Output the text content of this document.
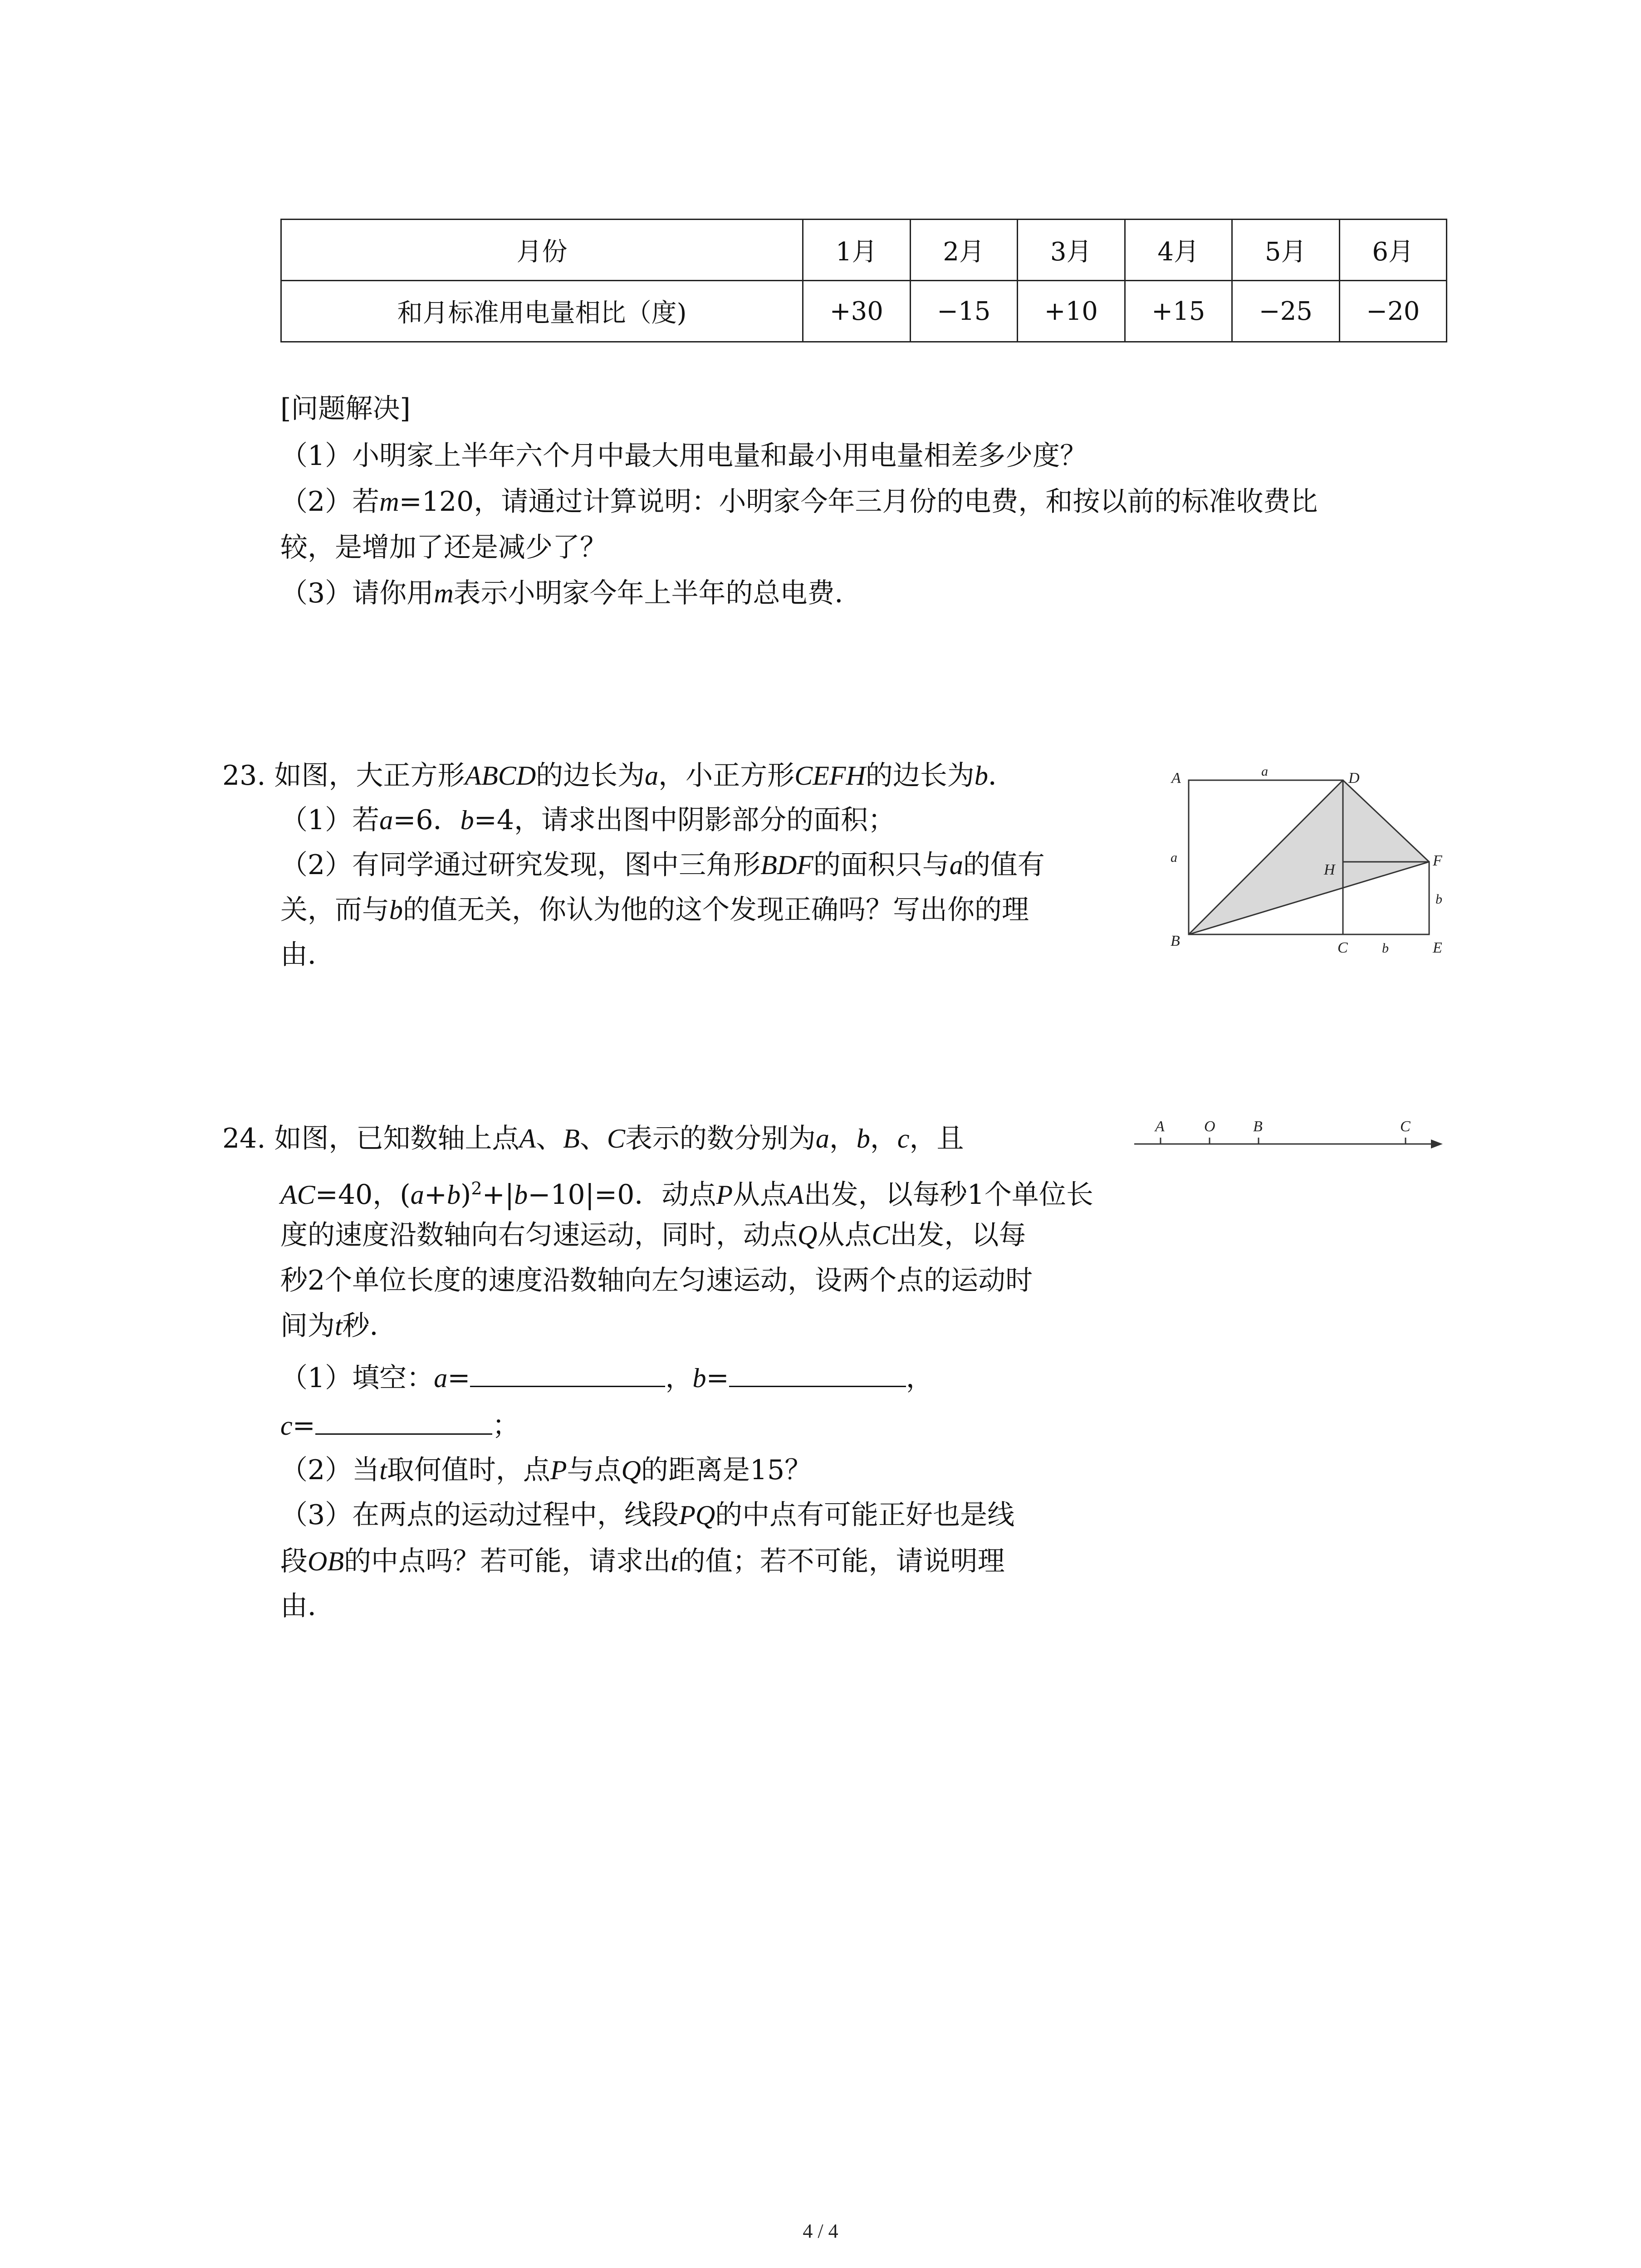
月份	1月	2月	3月	4月	5月	6月
和月标准用电量相比（度)	+30	−15	+10	+15	−25	−20
[问题解决]
（1）小明家上半年六个月中最大用电量和最小用电量相差多少度？
（2）若m=120，请通过计算说明：小明家今年三月份的电费，和按以前的标准收费比
较，是增加了还是减少了？
（3）请你用m表示小明家今年上半年的总电费．
23. 如图，大正方形ABCD的边长为a，小正方形CEFH的边长为b．
（1）若a=6．b=4，请求出图中阴影部分的面积；
（2）有同学通过研究发现，图中三角形BDF的面积只与a的值有
关，而与b的值无关，你认为他的这个发现正确吗？写出你的理
由．
A	D
B	C	E
F
H
a
a
b
b
24. 如图，已知数轴上点A、B、C表示的数分别为a，b，c，且
AC=40，$(a+b)^2+|b-10|=0$．动点P从点A出发，以每秒1个单位长
度的速度沿数轴向右匀速运动，同时，动点Q从点C出发，以每
秒2个单位长度的速度沿数轴向左匀速运动，设两个点的运动时
间为t秒．
（1）填空：a=	，b=	，
c=	；
（2）当t取何值时，点P与点Q的距离是15？
（3）在两点的运动过程中，线段PQ的中点有可能正好也是线
段OB的中点吗？若可能，请求出t的值；若不可能，请说明理
由．
A	O B	C
4 / 4
